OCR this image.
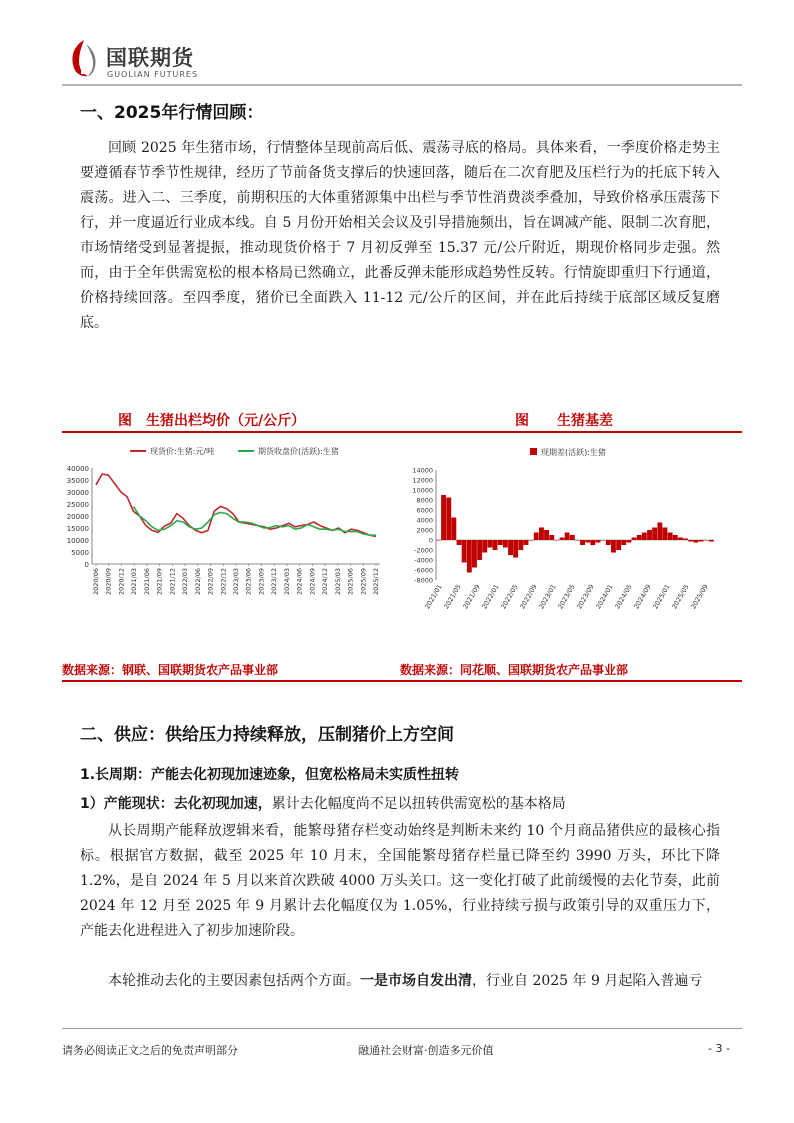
国联期货
GUOLIAN FUTURES
一、2025年行情回顾：

回顾 2025 年生猪市场，行情整体呈现前高后低、震荡寻底的格局。具体来看，一季度价格走势主要遵循春节季节性规律，经历了节前备货支撑后的快速回落，随后在二次育肥及压栏行为的托底下转入震荡。进入二、三季度，前期积压的大体重猪源集中出栏与季节性消费淡季叠加，导致价格承压震荡下行，并一度逼近行业成本线。自 5 月份开始相关会议及引导措施频出，旨在调减产能、限制二次育肥，市场情绪受到显著提振，推动现货价格于 7 月初反弹至 15.37 元/公斤附近，期现价格同步走强。然而，由于全年供需宽松的根本格局已然确立，此番反弹未能形成趋势性反转。行情旋即重归下行通道，价格持续回落。至四季度，猪价已全面跌入 11-12 元/公斤的区间，并在此后持续于底部区域反复磨底。

图　生猪出栏均价（元/公斤）	图　　生猪基差
现货价:生猪:元/吨	期货收盘价(活跃):生猪
0
5000
10000
15000
20000
25000
30000
35000
40000
2020/06 2020/09 2020/12 2021/03 2021/06 2021/09 2021/12 2022/03 2022/06 2022/09 2022/12 2023/03 2023/06 2023/09 2023/12 2024/03 2024/06 2024/09 2024/12 2025/03 2025/06 2025/09 2025/12
现期差(活跃):生猪
-8000
-6000
-4000
-2000
0
2000
4000
6000
8000
10000
12000
14000
2021/01
2021/05
2021/09
2022/01
2022/05
2022/09
2023/01
2023/05
2023/09
2024/01
2024/05
2024/09
2025/01
2025/05
2025/09
数据来源：钢联、国联期货农产品事业部	数据来源：同花顺、国联期货农产品事业部
二、供应：供给压力持续释放，压制猪价上方空间
1.长周期：产能去化初现加速迹象，但宽松格局未实质性扭转
1）产能现状：去化初现加速，累计去化幅度尚不足以扭转供需宽松的基本格局

从长周期产能释放逻辑来看，能繁母猪存栏变动始终是判断未来约 10 个月商品猪供应的最核心指标。根据官方数据，截至 2025 年 10 月末，全国能繁母猪存栏量已降至约 3990 万头，环比下降 1.2%，是自 2024 年 5 月以来首次跌破 4000 万头关口。这一变化打破了此前缓慢的去化节奏，此前 2024 年 12 月至 2025 年 9 月累计去化幅度仅为 1.05%，行业持续亏损与政策引导的双重压力下，产能去化进程进入了初步加速阶段。

本轮推动去化的主要因素包括两个方面。一是市场自发出清，行业自 2025 年 9 月起陷入普遍亏

请务必阅读正文之后的免责声明部分	融通社会财富·创造多元价值	- 3 -
